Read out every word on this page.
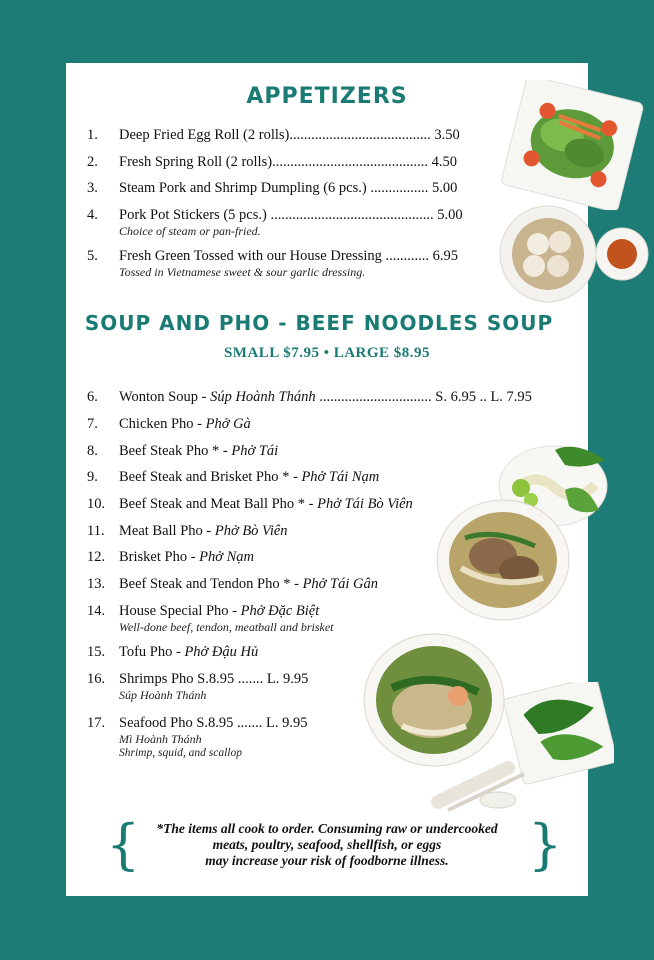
APPETIZERS
1.	Deep Fried Egg Roll (2 rolls)....................................... 3.50
2.	Fresh Spring Roll (2 rolls)........................................... 4.50
3.	Steam Pork and Shrimp Dumpling (6 pcs.) ................ 5.00
4.	Pork Pot Stickers (5 pcs.) ............................................. 5.00
Choice of steam or pan-fried.
5.	Fresh Green Tossed with our House Dressing ............ 6.95
Tossed in Vietnamese sweet & sour garlic dressing.
SOUP AND PHO - BEEF NOODLES SOUP
SMALL $7.95 • LARGE $8.95
6.	Wonton Soup - Súp Hoành Thánh ............................... S. 6.95 .. L. 7.95
7.	Chicken Pho - Phở Gà
8.	Beef Steak Pho * - Phở Tái
9.	Beef Steak and Brisket Pho * - Phở Tái Nạm
10. Beef Steak and Meat Ball Pho * - Phở Tái Bò Viên
11. Meat Ball Pho - Phở Bò Viên
12. Brisket Pho - Phở Nạm
13. Beef Steak and Tendon Pho * - Phở Tái Gân
14. House Special Pho - Phở Đặc Biệt
Well-done beef, tendon, meatball and brisket
15. Tofu Pho - Phở Đậu Hủ
16. Shrimps Pho S.8.95 ....... L. 9.95
Súp Hoành Thánh
17. Seafood Pho S.8.95 ....... L. 9.95
Mì Hoành Thánh
Shrimp, squid, and scallop
{	}
*The items all cook to order. Consuming raw or undercooked
meats, poultry, seafood, shellfish, or eggs
may increase your risk of foodborne illness.
